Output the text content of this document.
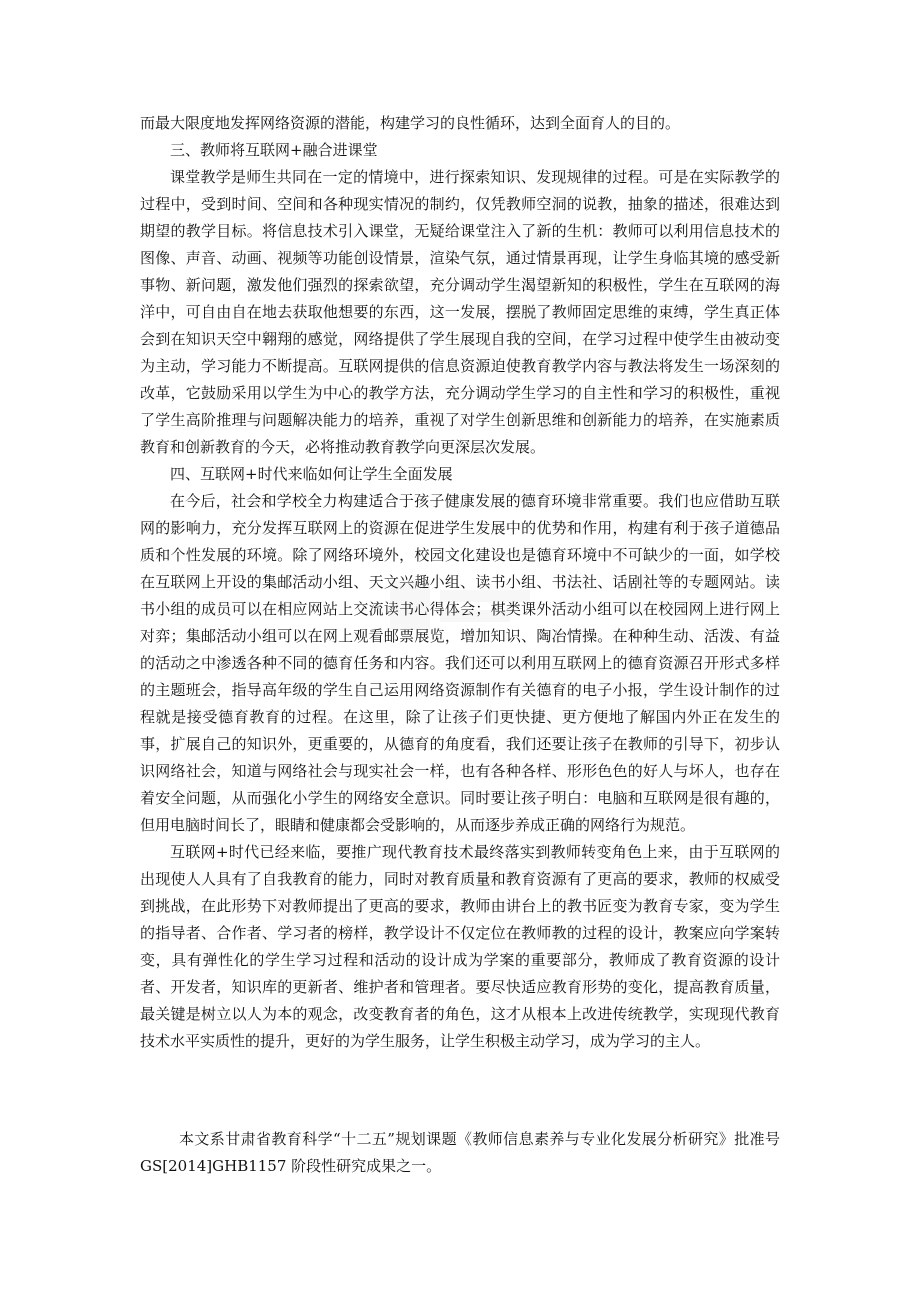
而最大限度地发挥网络资源的潜能，构建学习的良性循环，达到全面育人的目的。

三、教师将互联网+融合进课堂

课堂教学是师生共同在一定的情境中，进行探索知识、发现规律的过程。可是在实际教学的过程中，受到时间、空间和各种现实情况的制约，仅凭教师空洞的说教，抽象的描述，很难达到期望的教学目标。将信息技术引入课堂，无疑给课堂注入了新的生机：教师可以利用信息技术的图像、声音、动画、视频等功能创设情景，渲染气氛，通过情景再现，让学生身临其境的感受新事物、新问题，激发他们强烈的探索欲望，充分调动学生渴望新知的积极性，学生在互联网的海洋中，可自由自在地去获取他想要的东西，这一发展，摆脱了教师固定思维的束缚，学生真正体会到在知识天空中翱翔的感觉，网络提供了学生展现自我的空间，在学习过程中使学生由被动变为主动，学习能力不断提高。互联网提供的信息资源迫使教育教学内容与教法将发生一场深刻的改革，它鼓励采用以学生为中心的教学方法，充分调动学生学习的自主性和学习的积极性，重视了学生高阶推理与问题解决能力的培养，重视了对学生创新思维和创新能力的培养，在实施素质教育和创新教育的今天，必将推动教育教学向更深层次发展。

四、互联网+时代来临如何让学生全面发展

在今后，社会和学校全力构建适合于孩子健康发展的德育环境非常重要。我们也应借助互联网的影响力，充分发挥互联网上的资源在促进学生发展中的优势和作用，构建有利于孩子道德品质和个性发展的环境。除了网络环境外，校园文化建设也是德育环境中不可缺少的一面，如学校在互联网上开设的集邮活动小组、天文兴趣小组、读书小组、书法社、话剧社等的专题网站。读书小组的成员可以在相应网站上交流读书心得体会；棋类课外活动小组可以在校园网上进行网上对弈；集邮活动小组可以在网上观看邮票展览，增加知识、陶冶情操。在种种生动、活泼、有益的活动之中渗透各种不同的德育任务和内容。我们还可以利用互联网上的德育资源召开形式多样的主题班会，指导高年级的学生自己运用网络资源制作有关德育的电子小报，学生设计制作的过程就是接受德育教育的过程。在这里，除了让孩子们更快捷、更方便地了解国内外正在发生的事，扩展自己的知识外，更重要的，从德育的角度看，我们还要让孩子在教师的引导下，初步认识网络社会，知道与网络社会与现实社会一样，也有各种各样、形形色色的好人与坏人，也存在着安全问题，从而强化小学生的网络安全意识。同时要让孩子明白：电脑和互联网是很有趣的，但用电脑时间长了，眼睛和健康都会受影响的，从而逐步养成正确的网络行为规范。

互联网+时代已经来临，要推广现代教育技术最终落实到教师转变角色上来，由于互联网的出现使人人具有了自我教育的能力，同时对教育质量和教育资源有了更高的要求，教师的权威受到挑战，在此形势下对教师提出了更高的要求，教师由讲台上的教书匠变为教育专家，变为学生的指导者、合作者、学习者的榜样，教学设计不仅定位在教师教的过程的设计，教案应向学案转变，具有弹性化的学生学习过程和活动的设计成为学案的重要部分，教师成了教育资源的设计者、开发者，知识库的更新者、维护者和管理者。要尽快适应教育形势的变化，提高教育质量，最关键是树立以人为本的观念，改变教育者的角色，这才从根本上改进传统教学，实现现代教育技术水平实质性的提升，更好的为学生服务，让学生积极主动学习，成为学习的主人。

本文系甘肃省教育科学“十二五”规划课题《教师信息素养与专业化发展分析研究》批准号 GS[2014]GHB1157 阶段性研究成果之一。
